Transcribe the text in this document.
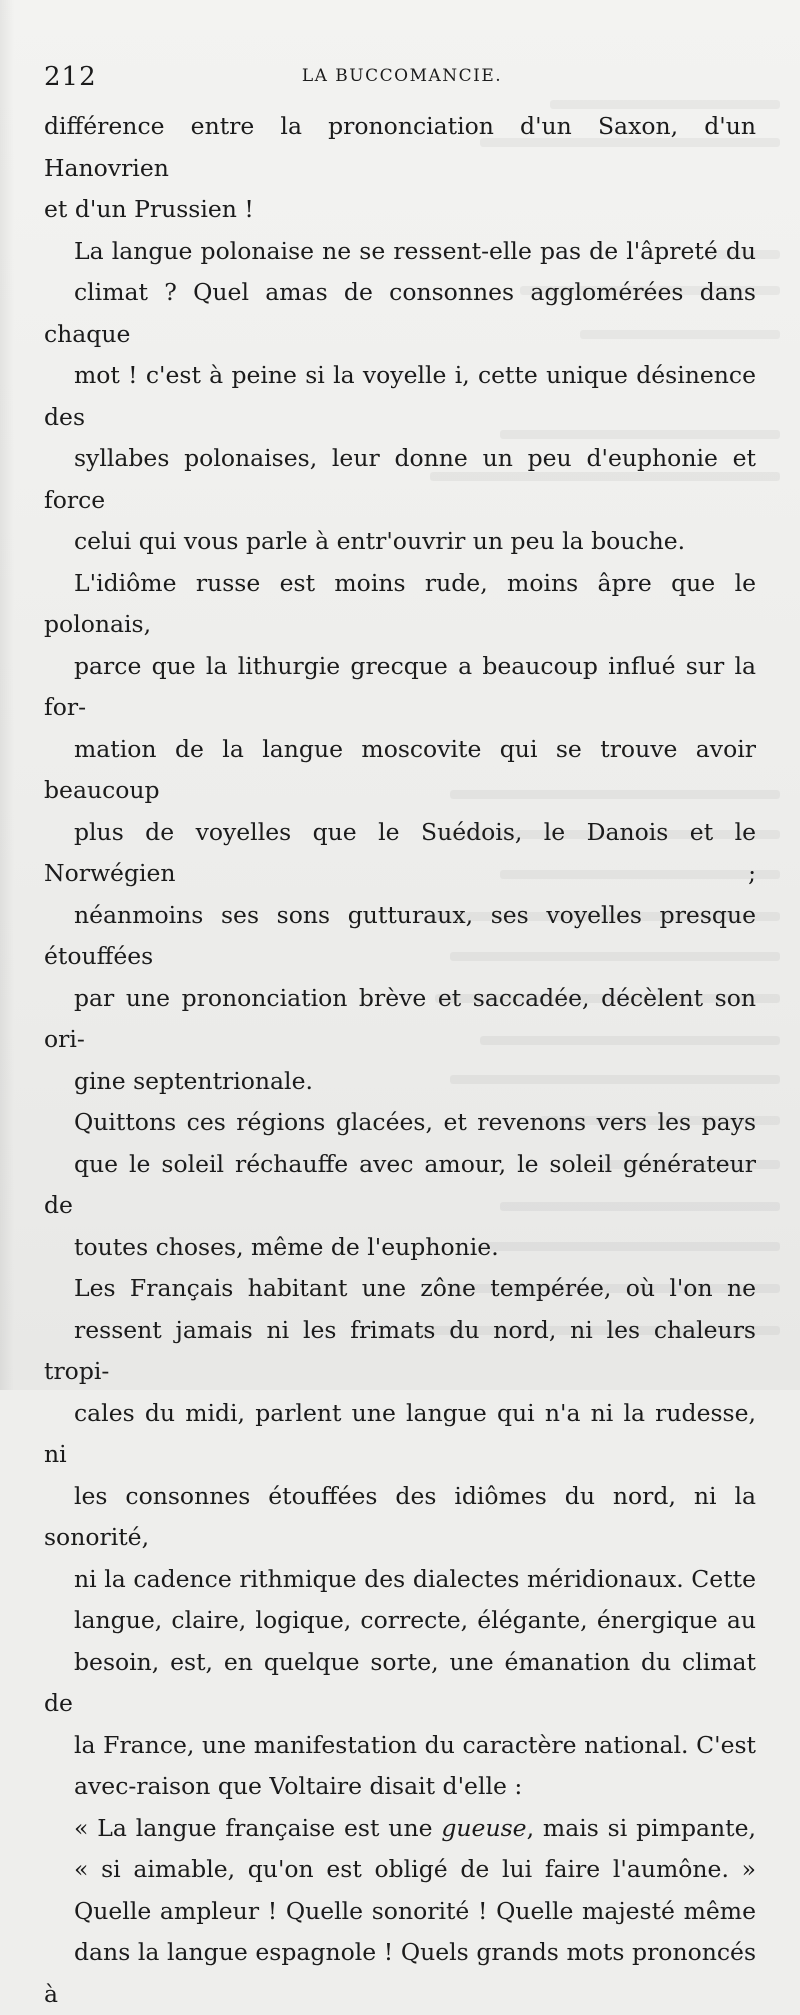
212	LA BUCCOMANCIE.

différence entre la prononciation d'un Saxon, d'un Hanovrien
et d'un Prussien !

La langue polonaise ne se ressent-elle pas de l'âpreté du
climat ? Quel amas de consonnes agglomérées dans chaque
mot ! c'est à peine si la voyelle i, cette unique désinence des
syllabes polonaises, leur donne un peu d'euphonie et force
celui qui vous parle à entr'ouvrir un peu la bouche.

L'idiôme russe est moins rude, moins âpre que le polonais,
parce que la lithurgie grecque a beaucoup influé sur la for-
mation de la langue moscovite qui se trouve avoir beaucoup
plus de voyelles que le Suédois, le Danois et le Norwégien ;
néanmoins ses sons gutturaux, ses voyelles presque étouffées
par une prononciation brève et saccadée, décèlent son ori-
gine septentrionale.

Quittons ces régions glacées, et revenons vers les pays
que le soleil réchauffe avec amour, le soleil générateur de
toutes choses, même de l'euphonie.

Les Français habitant une zône tempérée, où l'on ne
ressent jamais ni les frimats du nord, ni les chaleurs tropi-
cales du midi, parlent une langue qui n'a ni la rudesse, ni
les consonnes étouffées des idiômes du nord, ni la sonorité,
ni la cadence rithmique des dialectes méridionaux. Cette
langue, claire, logique, correcte, élégante, énergique au
besoin, est, en quelque sorte, une émanation du climat de
la France, une manifestation du caractère national. C'est
avec-raison que Voltaire disait d'elle :

« La langue française est une gueuse, mais si pimpante,
« si aimable, qu'on est obligé de lui faire l'aumône. »

Quelle ampleur ! Quelle sonorité ! Quelle majesté même
dans la langue espagnole ! Quels grands mots prononcés à
